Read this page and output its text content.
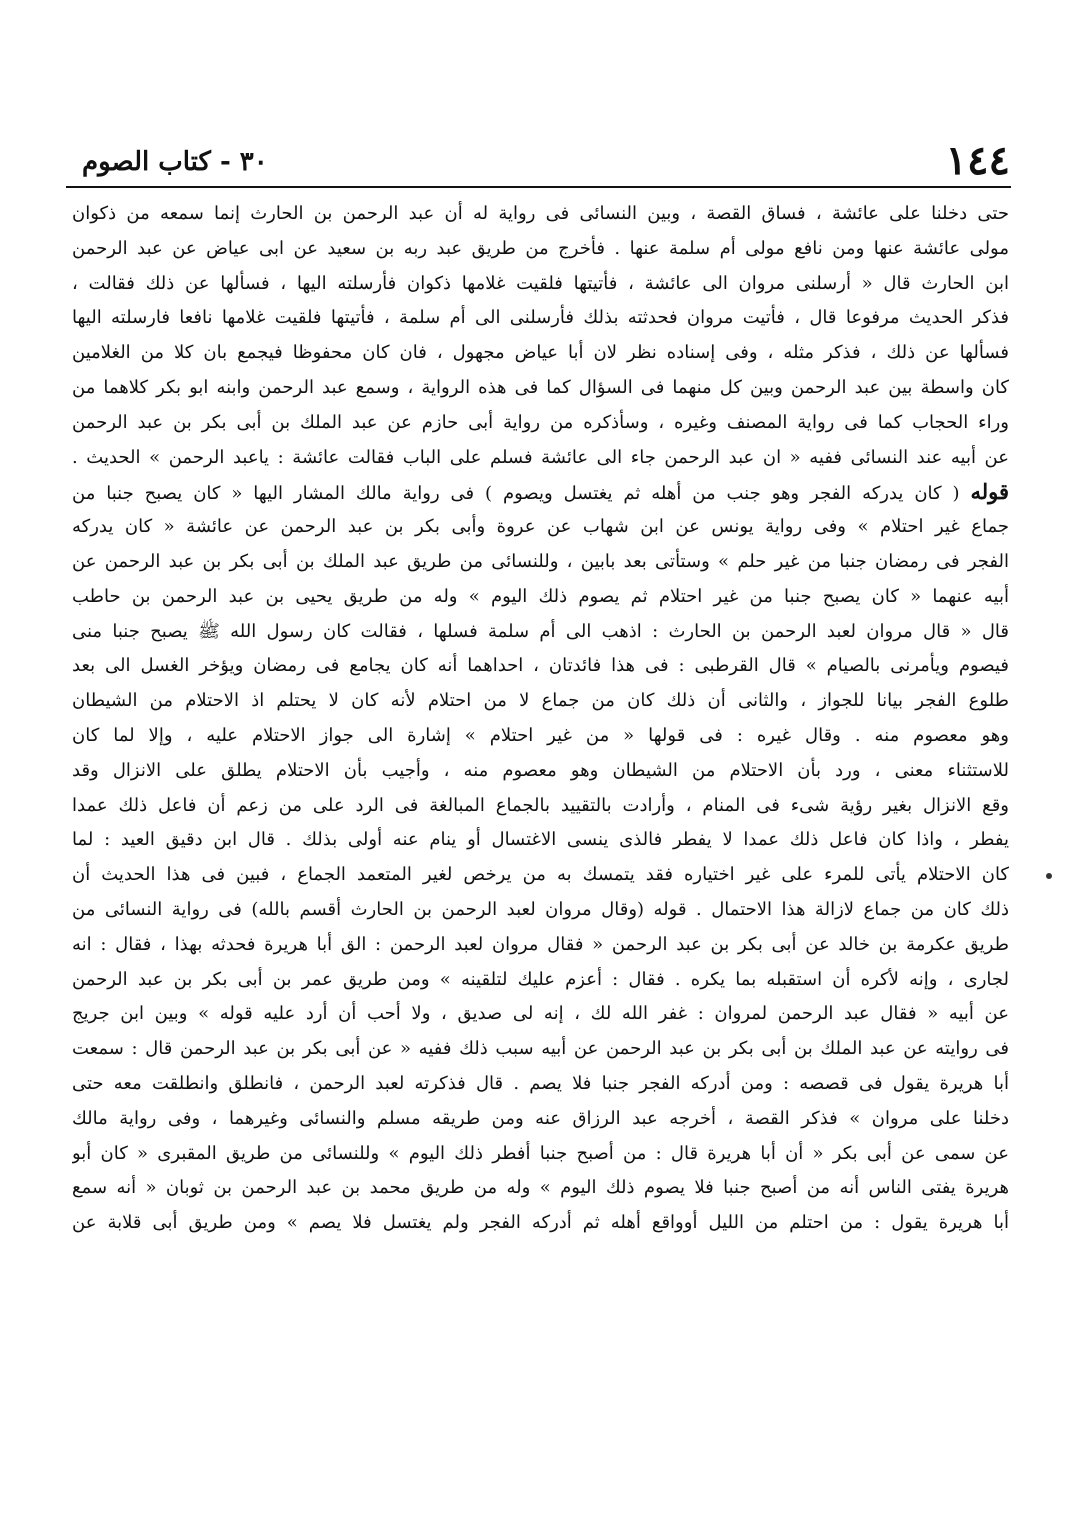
١٤٤
٣٠ - كتاب الصوم
حتى دخلنا على عائشة ، فساق القصة ، وبين النسائى فى رواية له أن عبد الرحمن بن الحارث إنما سمعه من ذكوان
مولى عائشة عنها ومن نافع مولى أم سلمة عنها . فأخرج من طريق عبد ربه بن سعيد عن ابى عياض عن عبد الرحمن
ابن الحارث قال « أرسلنى مروان الى عائشة ، فأتيتها فلقيت غلامها ذكوان فأرسلته اليها ، فسألها عن ذلك فقالت ،
فذكر الحديث مرفوعا قال ، فأتيت مروان فحدثته بذلك فأرسلنى الى أم سلمة ، فأتيتها فلقيت غلامها نافعا فارسلته اليها
فسألها عن ذلك ، فذكر مثله ، وفى إسناده نظر لان أبا عياض مجهول ، فان كان محفوظا فيجمع بان كلا من الغلامين
كان واسطة بين عبد الرحمن وبين كل منهما فى السؤال كما فى هذه الرواية ، وسمع عبد الرحمن وابنه ابو بكر كلاهما من
وراء الحجاب كما فى رواية المصنف وغيره ، وسأذكره من رواية أبى حازم عن عبد الملك بن أبى بكر بن عبد الرحمن
عن أبيه عند النسائى ففيه « ان عبد الرحمن جاء الى عائشة فسلم على الباب فقالت عائشة : ياعبد الرحمن » الحديث .
قوله ( كان يدركه الفجر وهو جنب من أهله ثم يغتسل ويصوم ) فى رواية مالك المشار اليها « كان يصبح جنبا من
جماع غير احتلام » وفى رواية يونس عن ابن شهاب عن عروة وأبى بكر بن عبد الرحمن عن عائشة « كان يدركه
الفجر فى رمضان جنبا من غير حلم » وستأتى بعد بابين ، وللنسائى من طريق عبد الملك بن أبى بكر بن عبد الرحمن عن
أبيه عنهما « كان يصبح جنبا من غير احتلام ثم يصوم ذلك اليوم » وله من طريق يحيى بن عبد الرحمن بن حاطب
قال « قال مروان لعبد الرحمن بن الحارث : اذهب الى أم سلمة فسلها ، فقالت كان رسول الله ﷺ يصبح جنبا منى
فيصوم ويأمرنى بالصيام » قال القرطبى : فى هذا فائدتان ، احداهما أنه كان يجامع فى رمضان ويؤخر الغسل الى بعد
طلوع الفجر بيانا للجواز ، والثانى أن ذلك كان من جماع لا من احتلام لأنه كان لا يحتلم اذ الاحتلام من الشيطان
وهو معصوم منه . وقال غيره : فى قولها « من غير احتلام » إشارة الى جواز الاحتلام عليه ، وإلا لما كان
للاستثناء معنى ، ورد بأن الاحتلام من الشيطان وهو معصوم منه ، وأجيب بأن الاحتلام يطلق على الانزال وقد
وقع الانزال بغير رؤية شىء فى المنام ، وأرادت بالتقييد بالجماع المبالغة فى الرد على من زعم أن فاعل ذلك عمدا
يفطر ، واذا كان فاعل ذلك عمدا لا يفطر فالذى ينسى الاغتسال أو ينام عنه أولى بذلك . قال ابن دقيق العيد : لما
كان الاحتلام يأتى للمرء على غير اختياره فقد يتمسك به من يرخص لغير المتعمد الجماع ، فبين فى هذا الحديث أن
ذلك كان من جماع لازالة هذا الاحتمال . قوله (وقال مروان لعبد الرحمن بن الحارث أقسم بالله) فى رواية النسائى من
طريق عكرمة بن خالد عن أبى بكر بن عبد الرحمن « فقال مروان لعبد الرحمن : الق أبا هريرة فحدثه بهذا ، فقال : انه
لجارى ، وإنه لأكره أن استقبله بما يكره . فقال : أعزم عليك لتلقينه » ومن طريق عمر بن أبى بكر بن عبد الرحمن
عن أبيه « فقال عبد الرحمن لمروان : غفر الله لك ، إنه لى صديق ، ولا أحب أن أرد عليه قوله » وبين ابن جريج
فى روايته عن عبد الملك بن أبى بكر بن عبد الرحمن عن أبيه سبب ذلك ففيه « عن أبى بكر بن عبد الرحمن قال : سمعت
أبا هريرة يقول فى قصصه : ومن أدركه الفجر جنبا فلا يصم . قال فذكرته لعبد الرحمن ، فانطلق وانطلقت معه حتى
دخلنا على مروان » فذكر القصة ، أخرجه عبد الرزاق عنه ومن طريقه مسلم والنسائى وغيرهما ، وفى رواية مالك
عن سمى عن أبى بكر « أن أبا هريرة قال : من أصبح جنبا أفطر ذلك اليوم » وللنسائى من طريق المقبرى « كان أبو
هريرة يفتى الناس أنه من أصبح جنبا فلا يصوم ذلك اليوم » وله من طريق محمد بن عبد الرحمن بن ثوبان « أنه سمع
أبا هريرة يقول : من احتلم من الليل أوواقع أهله ثم أدركه الفجر ولم يغتسل فلا يصم » ومن طريق أبى قلابة عن
